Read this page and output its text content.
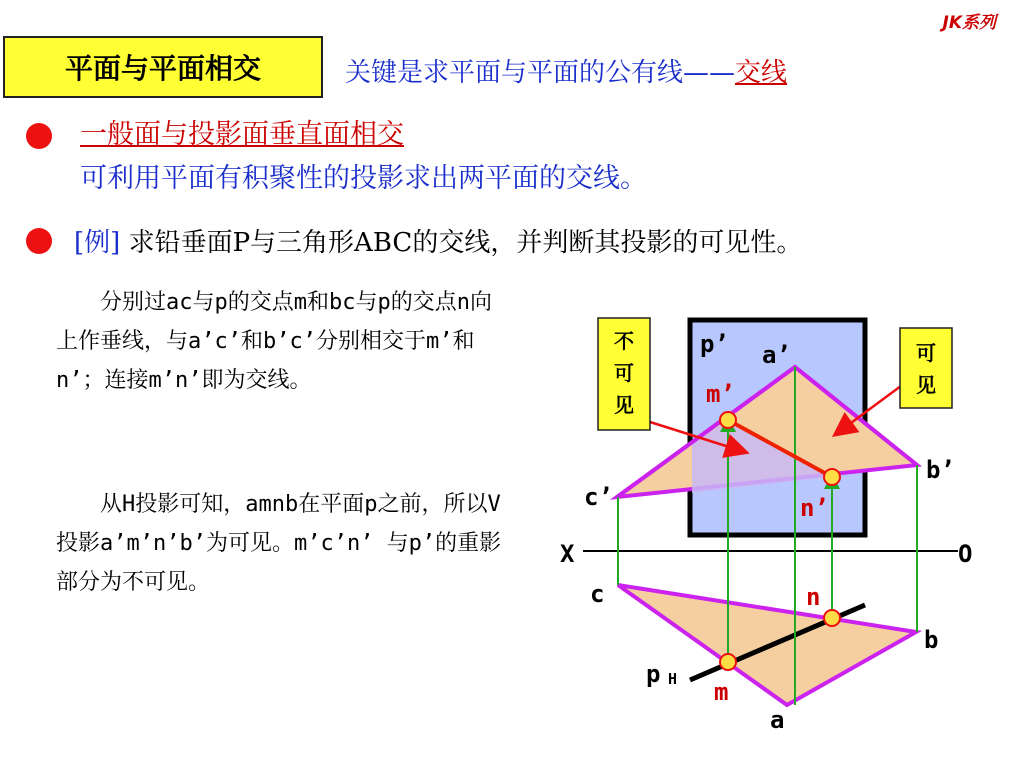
JK系列
平面与平面相交	关键是求平面与平面的公有线——交线
一般面与投影面垂直面相交
可利用平面有积聚性的投影求出两平面的交线。
[例] 求铅垂面P与三角形ABC的交线，并判断其投影的可见性。
分别过ac与p的交点m和bc与p的交点n向上作垂线，与a’c’和b’c’分别相交于m’和n’；连接m’n’即为交线。
从H投影可知，amnb在平面p之前，所以V投影a’m’n’b’为可见。m’c’n’ 与p’的重影部分为不可见。
不
可
见
可
见
p’ a’
m’
b’
c’	n’
X	O
c	n
b
p
m
a
H
